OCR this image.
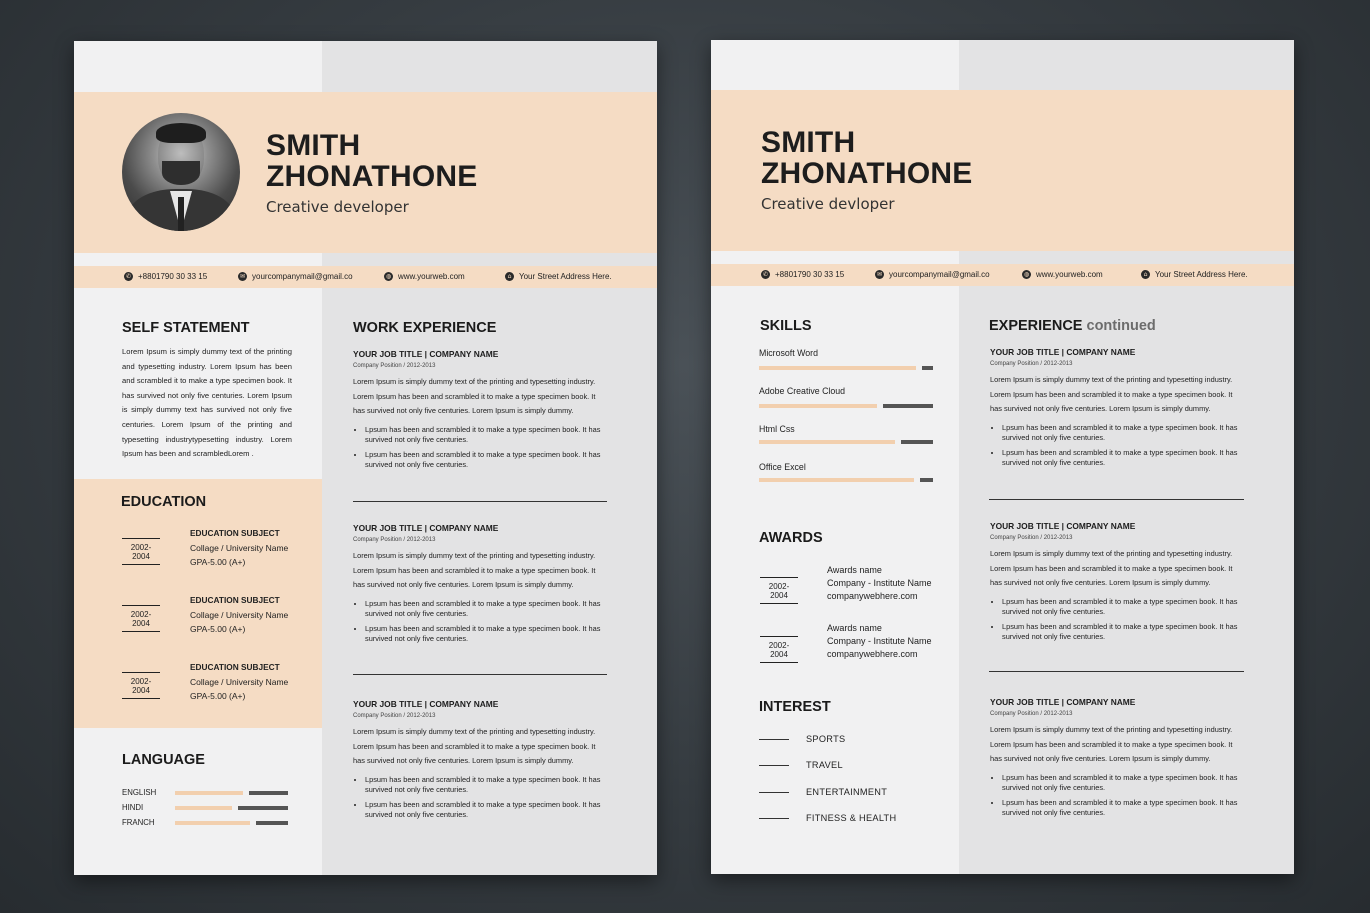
SMITH
ZHONATHONE
Creative developer
✆ +8801790 30 33 15	✉ yourcompanymail@gmail.co	◍ www.yourweb.com	⌂ Your Street Address Here.
SELF STATEMENT
Lorem Ipsum is simply dummy text of the printing and typesetting industry. Lorem Ipsum has been and scrambled it to make a type specimen book. It has survived not only five centuries. Lorem Ipsum is simply dummy text has survived not only five centuries. Lorem Ipsum of the printing and typesetting industrytypesetting industry. Lorem Ipsum has been and scrambledLorem .
EDUCATION
2002-2004
EDUCATION SUBJECT
Collage / University Name
GPA-5.00 (A+)
2002-2004
EDUCATION SUBJECT
Collage / University Name
GPA-5.00 (A+)
2002-2004
EDUCATION SUBJECT
Collage / University Name
GPA-5.00 (A+)
LANGUAGE
ENGLISH
HINDI
FRANCH
WORK EXPERIENCE
YOUR JOB TITLE | COMPANY NAME
Company Position / 2012-2013
Lorem Ipsum is simply dummy text of the printing and typesetting industry. Lorem Ipsum has been and scrambled it to make a type specimen book. It has survived not only five centuries. Lorem Ipsum is simply dummy.
• Lpsum has been and scrambled it to make a type specimen book. It has survived not only five centuries.
• Lpsum has been and scrambled it to make a type specimen book. It has survived not only five centuries.
YOUR JOB TITLE | COMPANY NAME
Company Position / 2012-2013
Lorem Ipsum is simply dummy text of the printing and typesetting industry. Lorem Ipsum has been and scrambled it to make a type specimen book. It has survived not only five centuries. Lorem Ipsum is simply dummy.
• Lpsum has been and scrambled it to make a type specimen book. It has survived not only five centuries.
• Lpsum has been and scrambled it to make a type specimen book. It has survived not only five centuries.
YOUR JOB TITLE | COMPANY NAME
Company Position / 2012-2013
Lorem Ipsum is simply dummy text of the printing and typesetting industry. Lorem Ipsum has been and scrambled it to make a type specimen book. It has survived not only five centuries. Lorem Ipsum is simply dummy.
• Lpsum has been and scrambled it to make a type specimen book. It has survived not only five centuries.
• Lpsum has been and scrambled it to make a type specimen book. It has survived not only five centuries.
SMITH
ZHONATHONE
Creative devloper
✆ +8801790 30 33 15	✉ yourcompanymail@gmail.co	◍ www.yourweb.com	⌂ Your Street Address Here.
SKILLS
Microsoft Word
Adobe Creative Cloud
Html Css
Office Excel
AWARDS
2002-2004
Awards name
Company - Institute Name
companywebhere.com
2002-2004
Awards name
Company - Institute Name
companywebhere.com
INTEREST
SPORTS
TRAVEL
ENTERTAINMENT
FITNESS & HEALTH
EXPERIENCE continued
YOUR JOB TITLE | COMPANY NAME
Company Position / 2012-2013
Lorem Ipsum is simply dummy text of the printing and typesetting industry. Lorem Ipsum has been and scrambled it to make a type specimen book. It has survived not only five centuries. Lorem Ipsum is simply dummy.
• Lpsum has been and scrambled it to make a type specimen book. It has survived not only five centuries.
• Lpsum has been and scrambled it to make a type specimen book. It has survived not only five centuries.
YOUR JOB TITLE | COMPANY NAME
Company Position / 2012-2013
Lorem Ipsum is simply dummy text of the printing and typesetting industry. Lorem Ipsum has been and scrambled it to make a type specimen book. It has survived not only five centuries. Lorem Ipsum is simply dummy.
• Lpsum has been and scrambled it to make a type specimen book. It has survived not only five centuries.
• Lpsum has been and scrambled it to make a type specimen book. It has survived not only five centuries.
YOUR JOB TITLE | COMPANY NAME
Company Position / 2012-2013
Lorem Ipsum is simply dummy text of the printing and typesetting industry. Lorem Ipsum has been and scrambled it to make a type specimen book. It has survived not only five centuries. Lorem Ipsum is simply dummy.
• Lpsum has been and scrambled it to make a type specimen book. It has survived not only five centuries.
• Lpsum has been and scrambled it to make a type specimen book. It has survived not only five centuries.
